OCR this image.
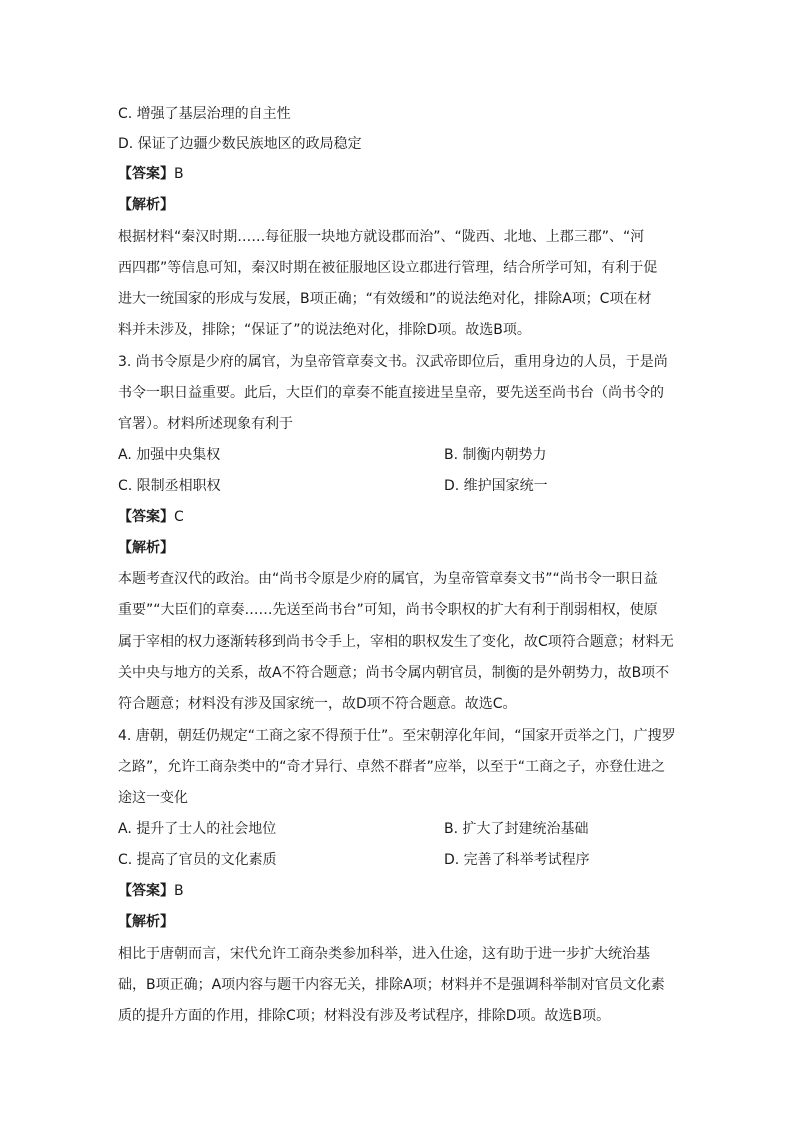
C. 增强了基层治理的自主性
D. 保证了边疆少数民族地区的政局稳定
【答案】B
【解析】
根据材料“秦汉时期……每征服一块地方就设郡而治”、“陇西、北地、上郡三郡”、“河
西四郡”等信息可知，秦汉时期在被征服地区设立郡进行管理，结合所学可知，有利于促
进大一统国家的形成与发展，B项正确；“有效缓和”的说法绝对化，排除A项；C项在材
料并未涉及，排除；“保证了”的说法绝对化，排除D项。故选B项。
3. 尚书令原是少府的属官，为皇帝管章奏文书。汉武帝即位后，重用身边的人员，于是尚
书令一职日益重要。此后，大臣们的章奏不能直接进呈皇帝，要先送至尚书台（尚书令的
官署）。材料所述现象有利于
A. 加强中央集权	B. 制衡内朝势力
C. 限制丞相职权	D. 维护国家统一
【答案】C
【解析】
本题考查汉代的政治。由“尚书令原是少府的属官，为皇帝管章奏文书”“尚书令一职日益
重要”“大臣们的章奏……先送至尚书台”可知，尚书令职权的扩大有利于削弱相权，使原
属于宰相的权力逐渐转移到尚书令手上，宰相的职权发生了变化，故C项符合题意；材料无
关中央与地方的关系，故A不符合题意；尚书令属内朝官员，制衡的是外朝势力，故B项不
符合题意；材料没有涉及国家统一，故D项不符合题意。故选C。
4. 唐朝，朝廷仍规定“工商之家不得预于仕”。至宋朝淳化年间，“国家开贡举之门，广搜罗
之路”，允许工商杂类中的“奇才异行、卓然不群者”应举，以至于“工商之子，亦登仕进之
途这一变化
A. 提升了士人的社会地位	B. 扩大了封建统治基础
C. 提高了官员的文化素质	D. 完善了科举考试程序
【答案】B
【解析】
相比于唐朝而言，宋代允许工商杂类参加科举，进入仕途，这有助于进一步扩大统治基
础，B项正确；A项内容与题干内容无关，排除A项；材料并不是强调科举制对官员文化素
质的提升方面的作用，排除C项；材料没有涉及考试程序，排除D项。故选B项。
